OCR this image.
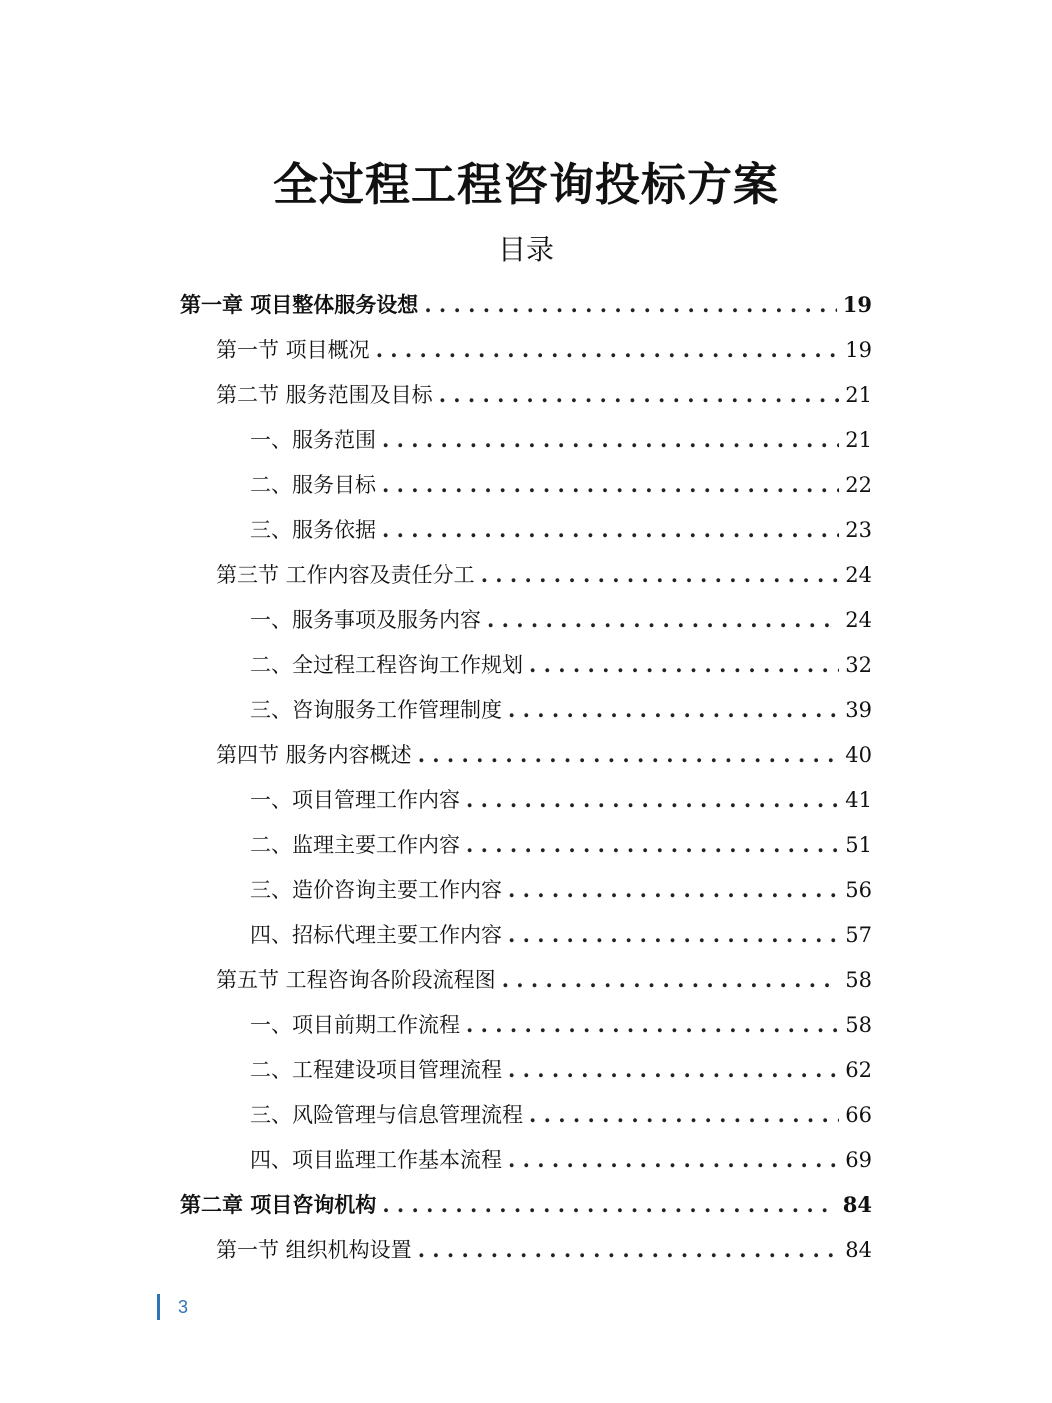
全过程工程咨询投标方案
目录
第一章 项目整体服务设想 . . .	19
第一节 项目概况 . . .	19
第二节 服务范围及目标 . . .	21
一、服务范围 . . .	21
二、服务目标 . . .	22
三、服务依据 . . .	23
第三节 工作内容及责任分工 . . .	24
一、服务事项及服务内容 . . .	24
二、全过程工程咨询工作规划 . . .	32
三、咨询服务工作管理制度 . . .	39
第四节 服务内容概述 . . .	40
一、项目管理工作内容 . . .	41
二、监理主要工作内容 . . .	51
三、造价咨询主要工作内容 . . .	56
四、招标代理主要工作内容 . . .	57
第五节 工程咨询各阶段流程图 . . .	58
一、项目前期工作流程 . . .	58
二、工程建设项目管理流程 . . .	62
三、风险管理与信息管理流程 . . .	66
四、项目监理工作基本流程 . . .	69
第二章 项目咨询机构 . . .	84
第一节 组织机构设置 . . .	84
3
